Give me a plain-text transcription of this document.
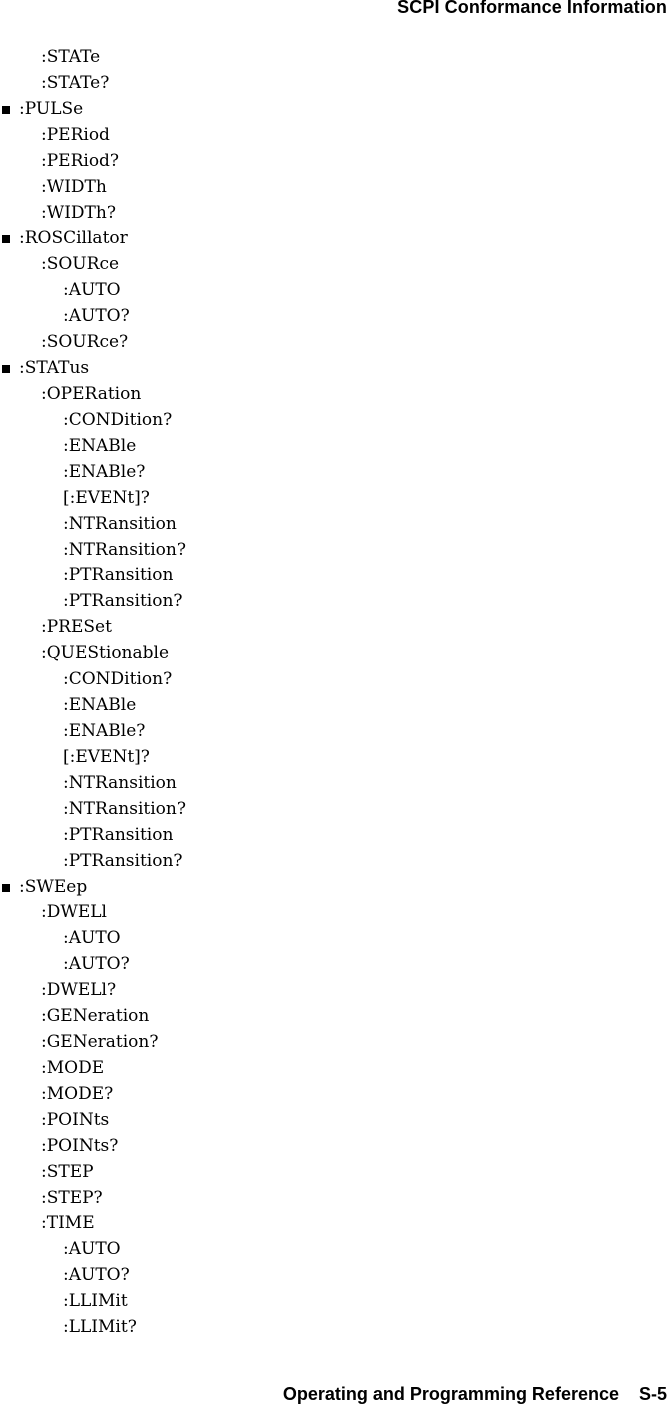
SCPI Conformance Information
:STATe
:STATe?
:PULSe
:PERiod
:PERiod?
:WIDTh
:WIDTh?
:ROSCillator
:SOURce
:AUTO
:AUTO?
:SOURce?
:STATus
:OPERation
:CONDition?
:ENABle
:ENABle?
[:EVENt]?
:NTRansition
:NTRansition?
:PTRansition
:PTRansition?
:PRESet
:QUEStionable
:CONDition?
:ENABle
:ENABle?
[:EVENt]?
:NTRansition
:NTRansition?
:PTRansition
:PTRansition?
:SWEep
:DWELl
:AUTO
:AUTO?
:DWELl?
:GENeration
:GENeration?
:MODE
:MODE?
:POINts
:POINts?
:STEP
:STEP?
:TIME
:AUTO
:AUTO?
:LLIMit
:LLIMit?
Operating and Programming Reference S-5
